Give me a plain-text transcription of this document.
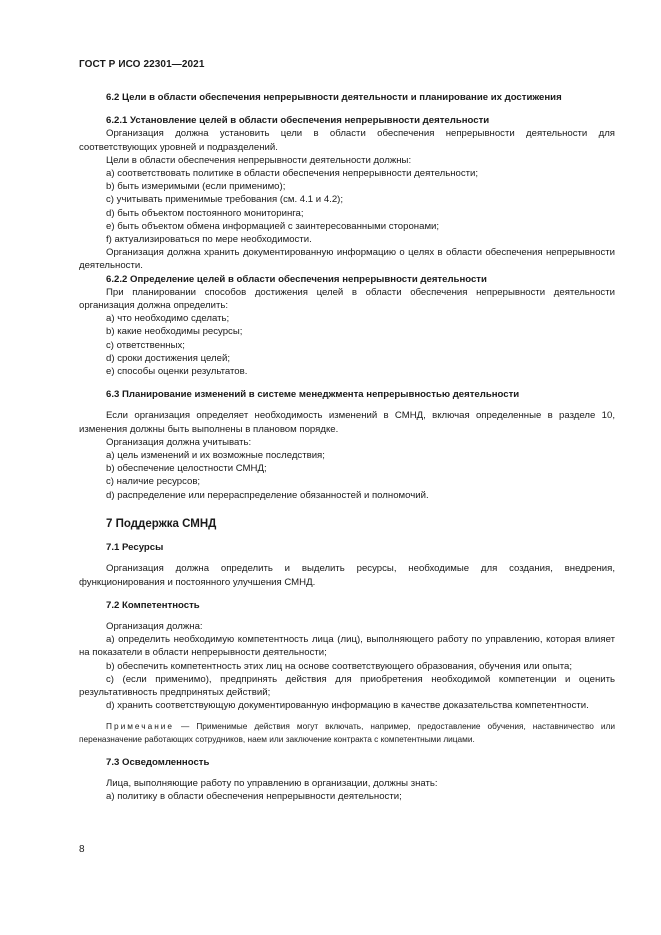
ГОСТ Р ИСО 22301—2021

6.2 Цели в области обеспечения непрерывности деятельности и планирование их достижения

6.2.1 Установление целей в области обеспечения непрерывности деятельности

Организация должна установить цели в области обеспечения непрерывности деятельности для соответствующих уровней и подразделений.

Цели в области обеспечения непрерывности деятельности должны:

a) соответствовать политике в области обеспечения непрерывности деятельности;

b) быть измеримыми (если применимо);

c) учитывать применимые требования (см. 4.1 и 4.2);

d) быть объектом постоянного мониторинга;

e) быть объектом обмена информацией с заинтересованными сторонами;

f) актуализироваться по мере необходимости.

Организация должна хранить документированную информацию о целях в области обеспечения непрерывности деятельности.

6.2.2 Определение целей в области обеспечения непрерывности деятельности

При планировании способов достижения целей в области обеспечения непрерывности деятельности организация должна определить:

a) что необходимо сделать;

b) какие необходимы ресурсы;

c) ответственных;

d) сроки достижения целей;

e) способы оценки результатов.

6.3 Планирование изменений в системе менеджмента непрерывностью деятельности

Если организация определяет необходимость изменений в СМНД, включая определенные в разделе 10, изменения должны быть выполнены в плановом порядке.

Организация должна учитывать:

a) цель изменений и их возможные последствия;

b) обеспечение целостности СМНД;

c) наличие ресурсов;

d) распределение или перераспределение обязанностей и полномочий.

7 Поддержка СМНД

7.1 Ресурсы

Организация должна определить и выделить ресурсы, необходимые для создания, внедрения, функционирования и постоянного улучшения СМНД.

7.2 Компетентность

Организация должна:

a) определить необходимую компетентность лица (лиц), выполняющего работу по управлению, которая влияет на показатели в области непрерывности деятельности;

b) обеспечить компетентность этих лиц на основе соответствующего образования, обучения или опыта;

c) (если применимо), предпринять действия для приобретения необходимой компетенции и оценить результативность предпринятых действий;

d) хранить соответствующую документированную информацию в качестве доказательства компетентности.

Примечание — Применимые действия могут включать, например, предоставление обучения, наставничество или переназначение работающих сотрудников, наем или заключение контракта с компетентными лицами.

7.3 Осведомленность

Лица, выполняющие работу по управлению в организации, должны знать:

a) политику в области обеспечения непрерывности деятельности;

8
